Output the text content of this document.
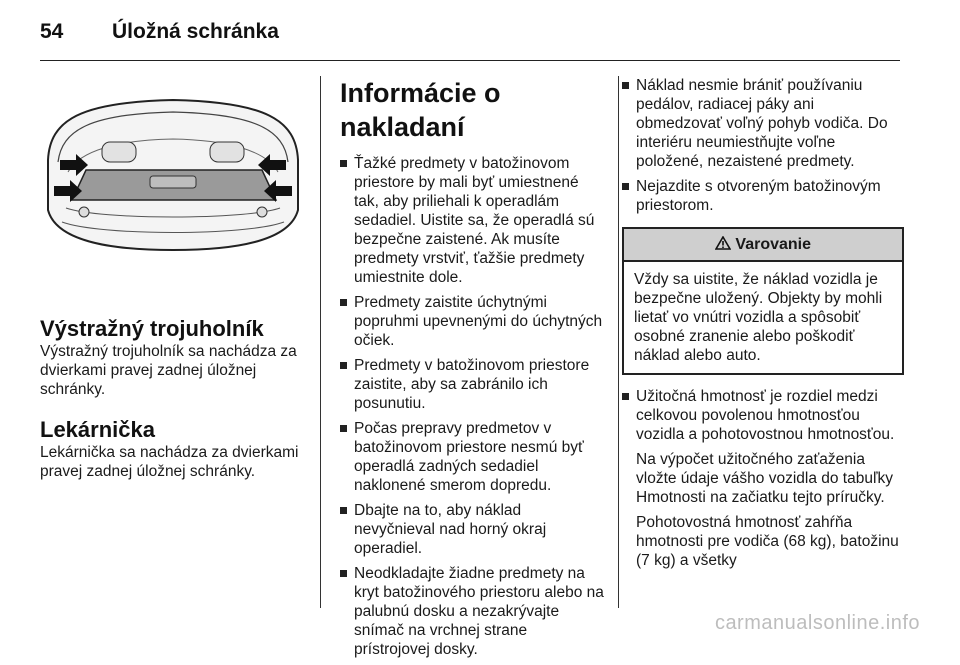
54 Úložná schránka
Výstražný trojuholník

Výstražný trojuholník sa nachádza za dvierkami pravej zadnej úložnej schránky.

Lekárnička

Lekárnička sa nachádza za dvierkami pravej zadnej úložnej schránky.

Informácie o nakladaní
Ťažké predmety v batožinovom priestore by mali byť umiestnené tak, aby priliehali k operadlám sedadiel. Uistite sa, že operadlá sú bezpečne zaistené. Ak musíte predmety vrstviť, ťažšie predmety umiestnite dole.
Predmety zaistite úchytnými popruhmi upevnenými do úchytných očiek.
Predmety v batožinovom priestore zaistite, aby sa zabránilo ich posunutiu.
Počas prepravy predmetov v batožinovom priestore nesmú byť operadlá zadných sedadiel naklonené smerom dopredu.
Dbajte na to, aby náklad nevyčnieval nad horný okraj operadiel.
Neodkladajte žiadne predmety na kryt batožinového priestoru alebo na palubnú dosku a nezakrývajte snímač na vrchnej strane prístrojovej dosky.
Náklad nesmie brániť používaniu pedálov, radiacej páky ani obmedzovať voľný pohyb vodiča. Do interiéru neumiestňujte voľne položené, nezaistené predmety.
Nejazdite s otvoreným batožinovým priestorom.
Varovanie
Vždy sa uistite, že náklad vozidla je bezpečne uložený. Objekty by mohli lietať vo vnútri vozidla a spôsobiť osobné zranenie alebo poškodiť náklad alebo auto.
Užitočná hmotnosť je rozdiel medzi celkovou povolenou hmotnosťou vozidla a pohotovostnou hmotnosťou.

Na výpočet užitočného zaťaženia vložte údaje vášho vozidla do tabuľky Hmotnosti na začiatku tejto príručky.

Pohotovostná hmotnosť zahŕňa hmotnosti pre vodiča (68 kg), batožinu (7 kg) a všetky

carmanualsonline.info
